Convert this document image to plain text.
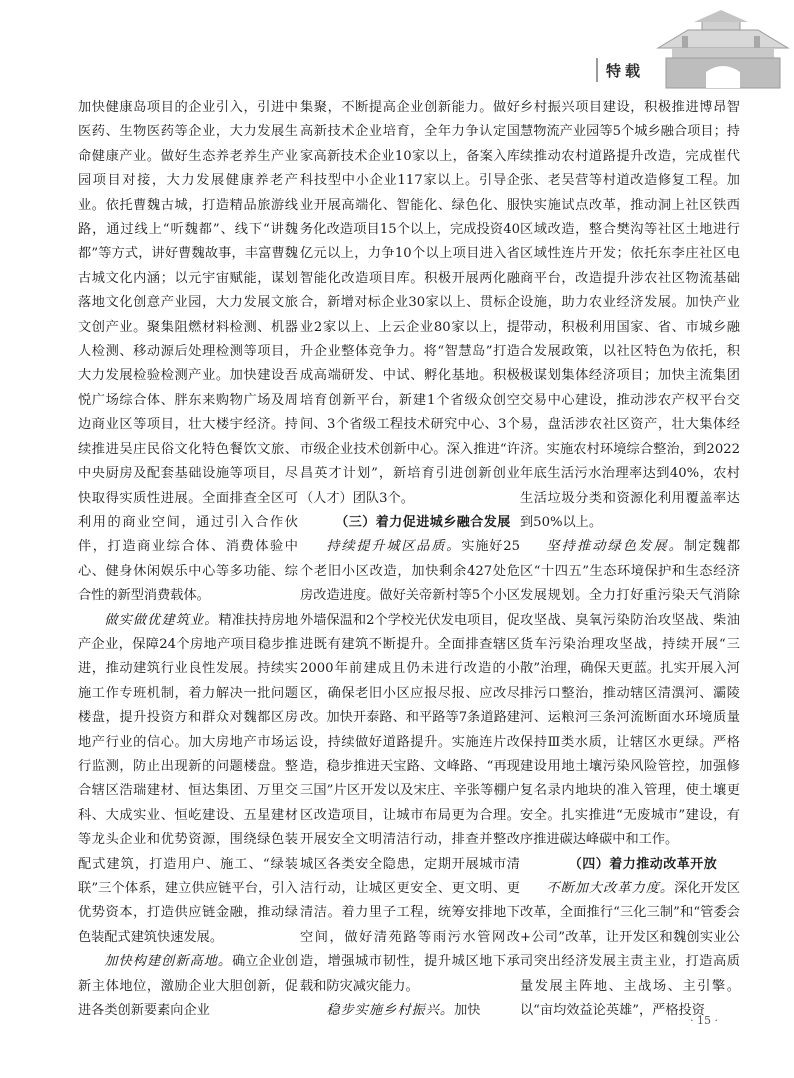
特载

加快健康岛项目的企业引入，引进中医药、生物医药等企业，大力发展生命健康产业。做好生态养老养生产业园项目对接，大力发展健康养老产业。依托曹魏古城，打造精品旅游线路，通过线上“听魏都”、线下“讲魏都”等方式，讲好曹魏故事，丰富曹魏古城文化内涵；以元宇宙赋能，谋划落地文化创意产业园，大力发展文旅文创产业。聚集阻燃材料检测、机器人检测、移动源后处理检测等项目，大力发展检验检测产业。加快建设吾悦广场综合体、胖东来购物广场及周边商业区等项目，壮大楼宇经济。持续推进吴庄民俗文化特色餐饮文旅、中央厨房及配套基础设施等项目，尽快取得实质性进展。全面排查全区可利用的商业空间，通过引入合作伙伴，打造商业综合体、消费体验中心、健身休闲娱乐中心等多功能、综合性的新型消费载体。

做实做优建筑业。精准扶持房地产企业，保障24个房地产项目稳步推进，推动建筑行业良性发展。持续实施工作专班机制，着力解决一批问题楼盘，提升投资方和群众对魏都区房地产行业的信心。加大房地产市场运行监测，防止出现新的问题楼盘。整合辖区浩瑞建材、恒达集团、万里交科、大成实业、恒屹建设、五星建材等龙头企业和优势资源，围绕绿色装配式建筑，打造用户、施工、“绿装联”三个体系，建立供应链平台，引入优势资本，打造供应链金融，推动绿色装配式建筑快速发展。

加快构建创新高地。确立企业创新主体地位，激励企业大胆创新，促进各类创新要素向企业

集聚，不断提高企业创新能力。做好高新技术企业培育，全年力争认定国家高新技术企业10家以上，备案入库科技型中小企业117家以上。引导企业开展高端化、智能化、绿色化、服务化改造项目15个以上，完成投资40亿元以上，力争10个以上项目进入省智能化改造项目库。积极开展两化融合，新增对标企业30家以上、贯标企业2家以上、上云企业80家以上，提升企业整体竞争力。将“智慧岛”打造成高端研发、中试、孵化基地。积极培育创新平台，新建1个省级众创空间、3个省级工程技术研究中心、3个市级企业技术创新中心。深入推进“许昌英才计划”，新培育引进创新创业（人才）团队3个。

（三）着力促进城乡融合发展

持续提升城区品质。实施好25个老旧小区改造，加快剩余427处危房改造进度。做好关帝新村等5个小区外墙保温和2个学校光伏发电项目，促进既有建筑不断提升。全面排查辖区2000年前建成且仍未进行改造的小区，确保老旧小区应报尽报、应改尽改。加快开泰路、和平路等7条道路建设，持续做好道路提升。实施连片改造，稳步推进天宝路、文峰路、“再现三国”片区开发以及宋庄、辛张等棚户区改造项目，让城市布局更为合理。开展安全文明清洁行动，排查并整改城区各类安全隐患，定期开展城市清洁行动，让城区更安全、更文明、更清洁。着力里子工程，统筹安排地下空间，做好清苑路等雨污水管网改造，增强城市韧性，提升城区地下承载和防灾减灾能力。

稳步实施乡村振兴。加快

乡村振兴项目建设，积极推进博昂智慧物流产业园等5个城乡融合项目；持续推动农村道路提升改造，完成崔代张、老吴营等村道改造修复工程。加快实施试点改革，推动洞上社区铁西区域改造，整合樊沟等社区土地进行区域性连片开发；依托东李庄社区电商平台，改造提升涉农社区物流基础设施，助力农业经济发展。加快产业带动，积极利用国家、省、市城乡融合发展政策，以社区特色为依托，积极谋划集体经济项目；加快主流集团交易中心建设，推动涉农产权平台交易，盘活涉农社区资产，壮大集体经济。实施农村环境综合整治，到2022年底生活污水治理率达到40%，农村生活垃圾分类和资源化利用覆盖率达到50%以上。

坚持推动绿色发展。制定魏都区“十四五”生态环境保护和生态经济发展规划。全力打好重污染天气消除攻坚战、臭氧污染防治攻坚战、柴油货车污染治理攻坚战，持续开展“三散”治理，确保天更蓝。扎实开展入河排污口整治，推动辖区清潩河、灞陵河、运粮河三条河流断面水环境质量保持Ⅲ类水质，让辖区水更绿。严格建设用地土壤污染风险管控，加强修复名录内地块的准入管理，使土壤更安全。扎实推进“无废城市”建设，有序推进碳达峰碳中和工作。

（四）着力推动改革开放

不断加大改革力度。深化开发区改革，全面推行“三化三制”和“管委会+公司”改革，让开发区和魏创实业公司突出经济发展主责主业，打造高质量发展主阵地、主战场、主引擎。以“亩均效益论英雄”，严格投资

· 15 ·
